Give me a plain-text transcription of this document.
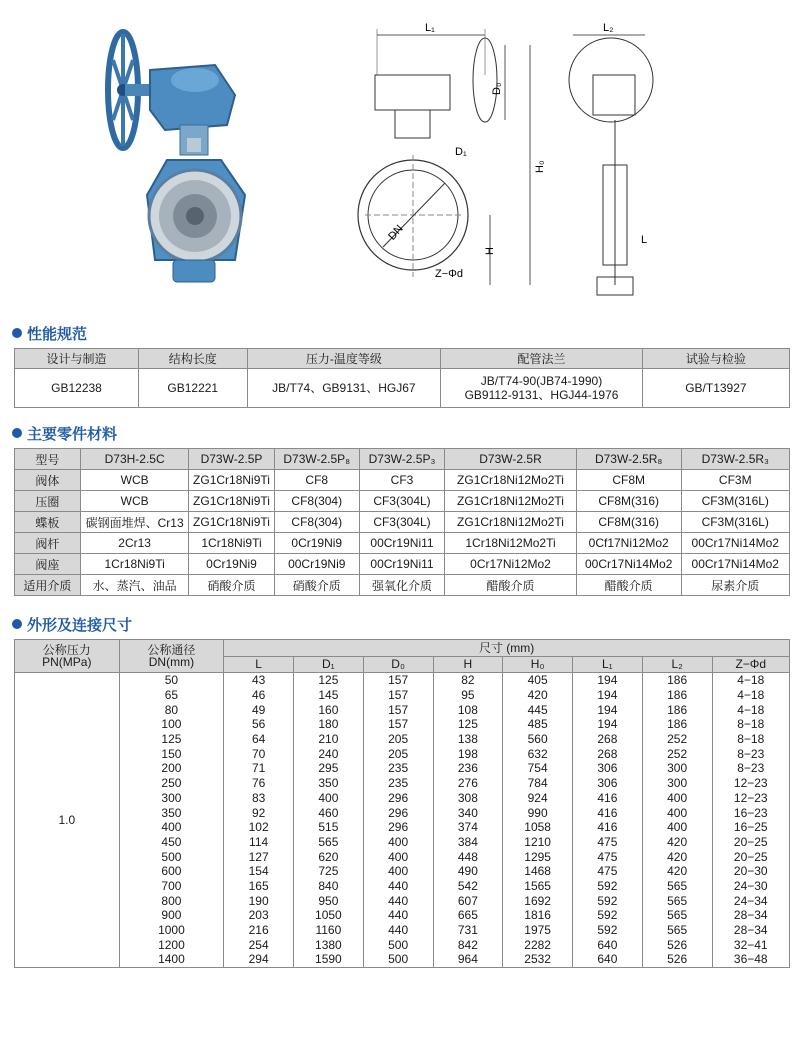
L₁
D₀
H₀
DN
D₁
H
Z−Φd
L₂
L
性能规范
设计与制造	结构长度	压力-温度等级	配管法兰	试验与检验
GB12238	GB12221	JB/T74、GB9131、HGJ67	JB/T74-90(JB74-1990)
GB9112-9131、HGJ44-1976	GB/T13927
主要零件材料
型号	D73H-2.5C	D73W-2.5P	D73W-2.5P₈	D73W-2.5P₃	D73W-2.5R	D73W-2.5R₈	D73W-2.5R₃
阀体	WCB	ZG1Cr18Ni9Ti	CF8	CF3	ZG1Cr18Ni12Mo2Ti	CF8M	CF3M
压圈	WCB	ZG1Cr18Ni9Ti	CF8(304)	CF3(304L)	ZG1Cr18Ni12Mo2Ti	CF8M(316)	CF3M(316L)
蝶板	碳钢面堆焊、Cr13	ZG1Cr18Ni9Ti	CF8(304)	CF3(304L)	ZG1Cr18Ni12Mo2Ti	CF8M(316)	CF3M(316L)
阀杆	2Cr13	1Cr18Ni9Ti	0Cr19Ni9	00Cr19Ni11	1Cr18Ni12Mo2Ti	0Cf17Ni12Mo2	00Cr17Ni14Mo2
阀座	1Cr18Ni9Ti	0Cr19Ni9	00Cr19Ni9	00Cr19Ni11	0Cr17Ni12Mo2	00Cr17Ni14Mo2	00Cr17Ni14Mo2
适用介质	水、蒸汽、油品	硝酸介质	硝酸介质	强氧化介质	醋酸介质	醋酸介质	尿素介质
外形及连接尺寸
公称压力
PN(MPa)	公称通径
DN(mm)	尺寸 (mm)							
		L	D₁	D₀	H	H₀	L₁	L₂	Z−Φd
1.0	50	43	125	157	82	405	194	186	4−18
	65	46	145	157	95	420	194	186	4−18
	80	49	160	157	108	445	194	186	4−18
	100	56	180	157	125	485	194	186	8−18
	125	64	210	205	138	560	268	252	8−18
	150	70	240	205	198	632	268	252	8−23
	200	71	295	235	236	754	306	300	8−23
	250	76	350	235	276	784	306	300	12−23
	300	83	400	296	308	924	416	400	12−23
	350	92	460	296	340	990	416	400	16−23
	400	102	515	296	374	1058	416	400	16−25
	450	114	565	400	384	1210	475	420	20−25
	500	127	620	400	448	1295	475	420	20−25
	600	154	725	400	490	1468	475	420	20−30
	700	165	840	440	542	1565	592	565	24−30
	800	190	950	440	607	1692	592	565	24−34
	900	203	1050	440	665	1816	592	565	28−34
	1000	216	1160	440	731	1975	592	565	28−34
	1200	254	1380	500	842	2282	640	526	32−41
	1400	294	1590	500	964	2532	640	526	36−48
